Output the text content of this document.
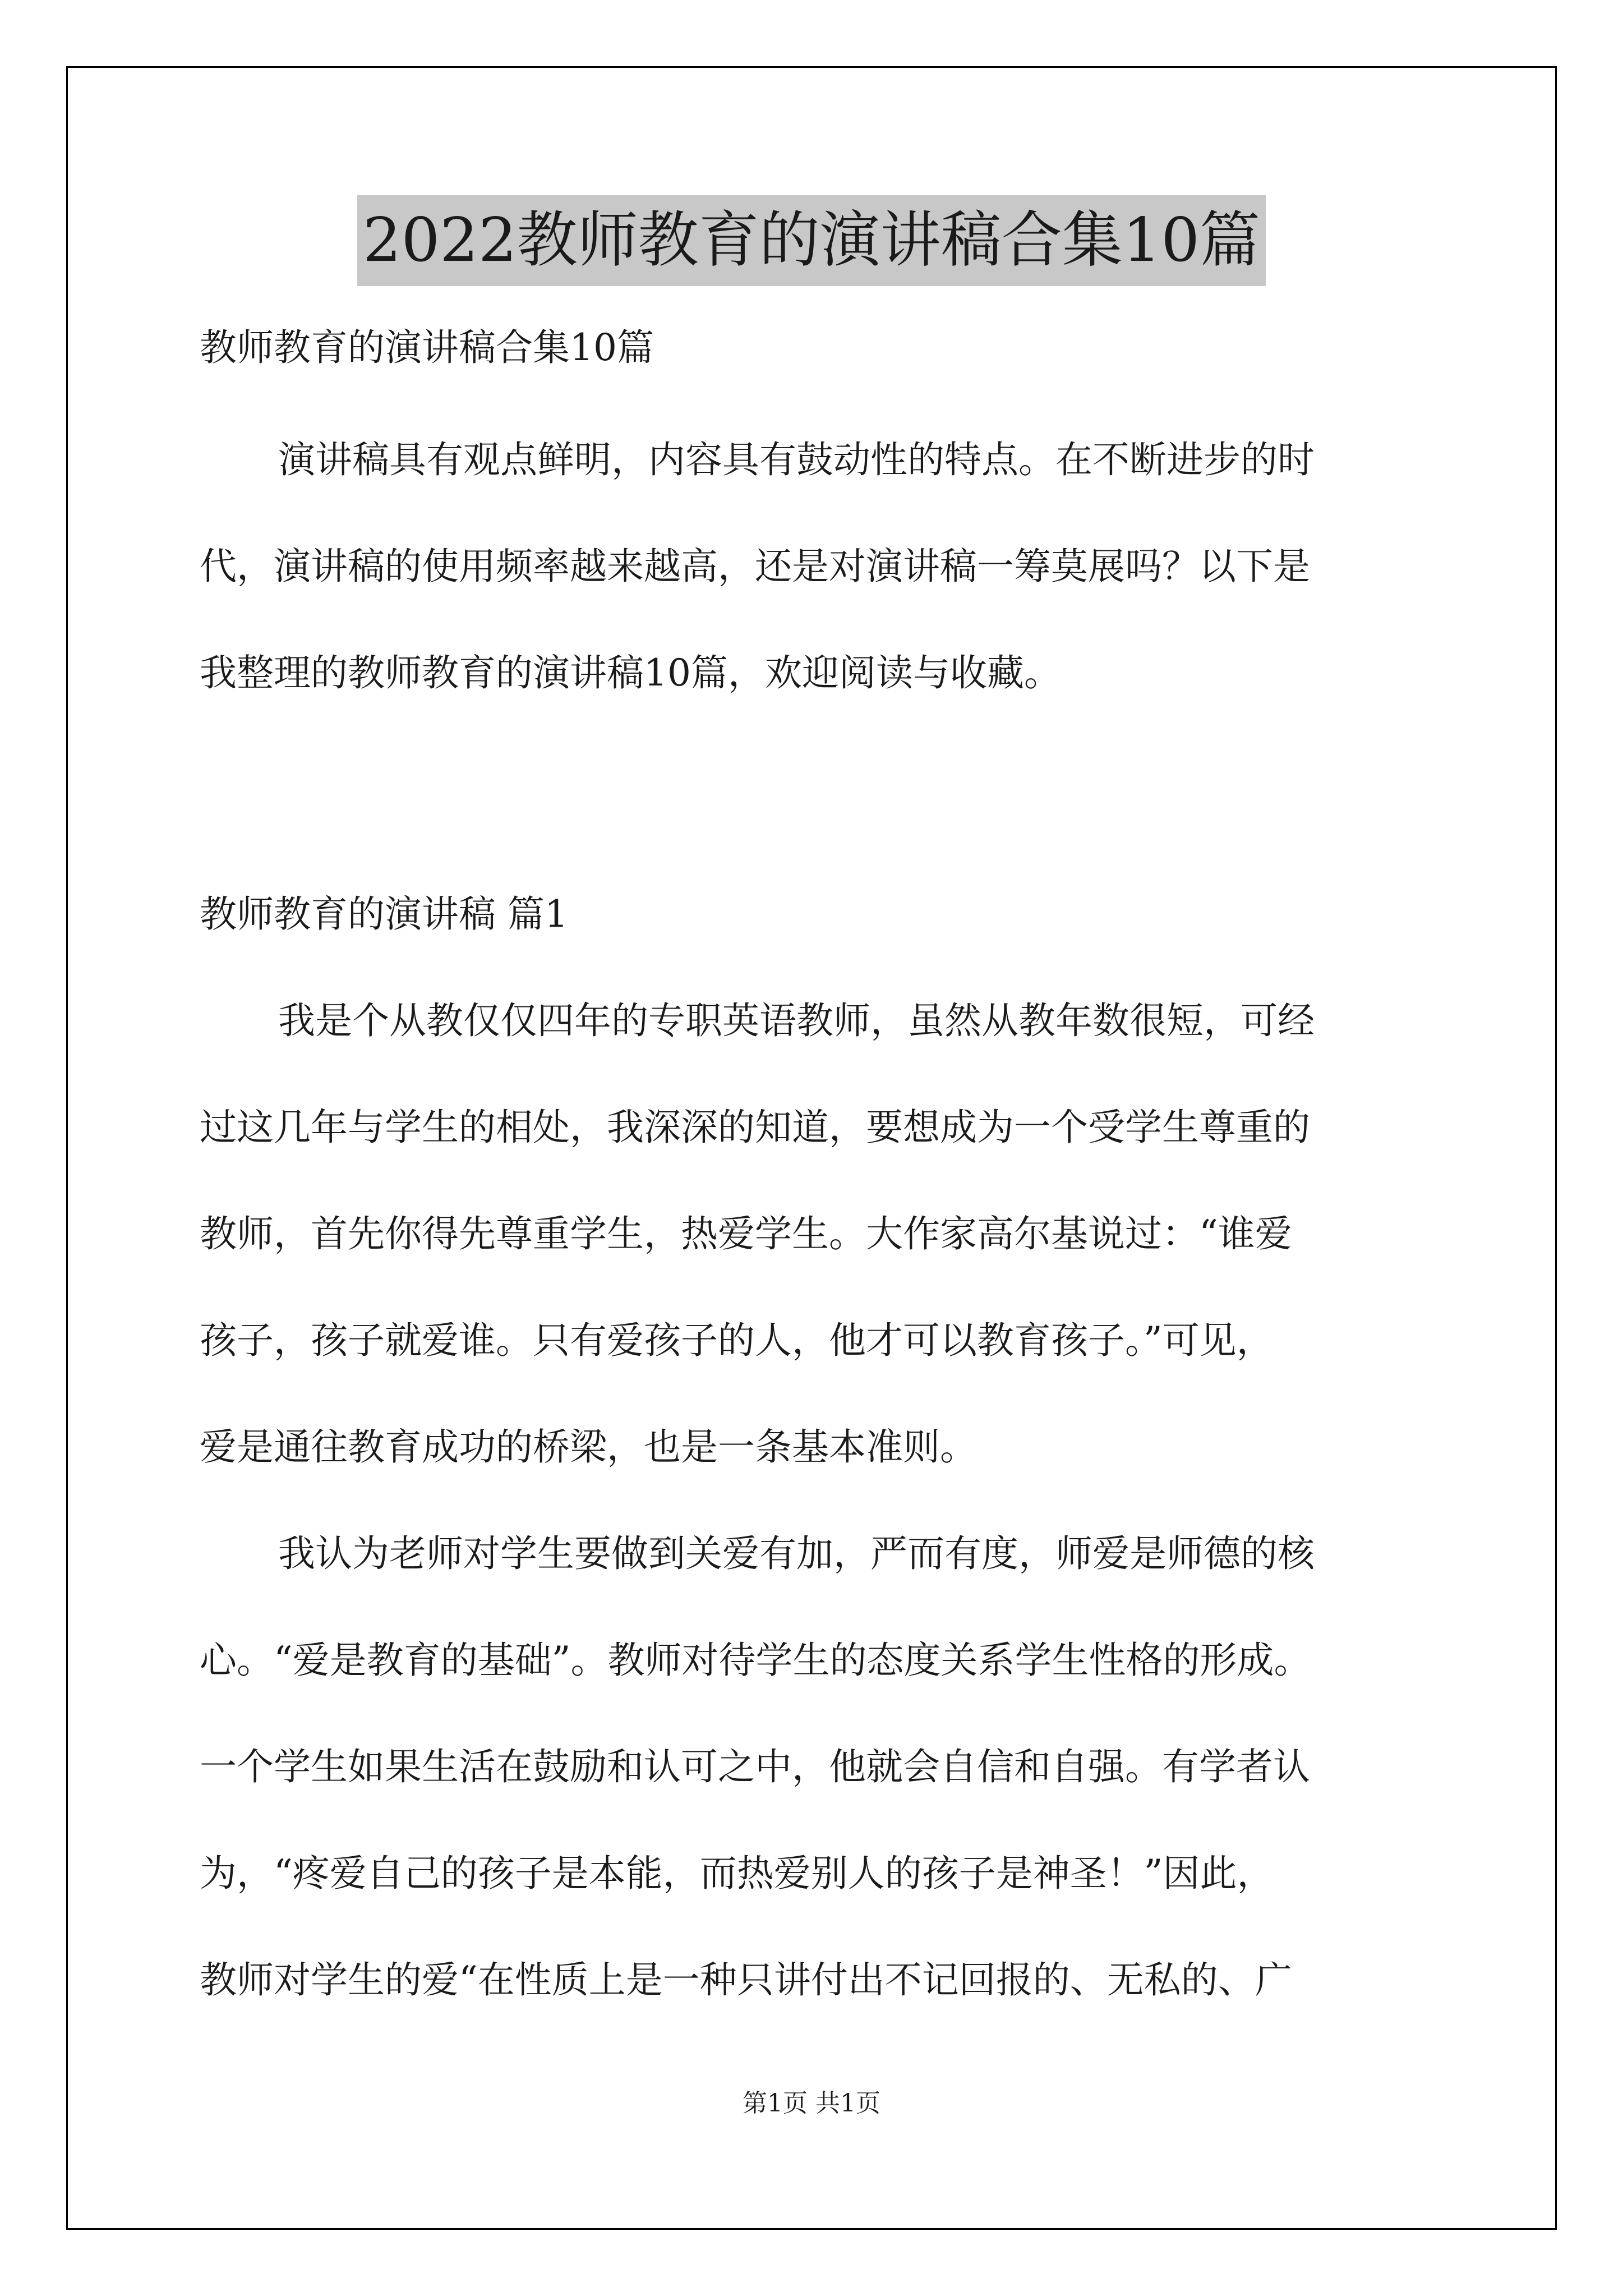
2022教师教育的演讲稿合集10篇
教师教育的演讲稿合集10篇
演讲稿具有观点鲜明，内容具有鼓动性的特点。在不断进步的时
代，演讲稿的使用频率越来越高，还是对演讲稿一筹莫展吗？以下是
我整理的教师教育的演讲稿10篇，欢迎阅读与收藏。
教师教育的演讲稿 篇1
我是个从教仅仅四年的专职英语教师，虽然从教年数很短，可经
过这几年与学生的相处，我深深的知道，要想成为一个受学生尊重的
教师，首先你得先尊重学生，热爱学生。大作家高尔基说过：“谁爱
孩子，孩子就爱谁。只有爱孩子的人，他才可以教育孩子。”可见，
爱是通往教育成功的桥梁，也是一条基本准则。
我认为老师对学生要做到关爱有加，严而有度，师爱是师德的核
心。“爱是教育的基础”。教师对待学生的态度关系学生性格的形成。
一个学生如果生活在鼓励和认可之中，他就会自信和自强。有学者认
为，“疼爱自己的孩子是本能，而热爱别人的孩子是神圣！”因此，
教师对学生的爱“在性质上是一种只讲付出不记回报的、无私的、广
第1页 共1页
